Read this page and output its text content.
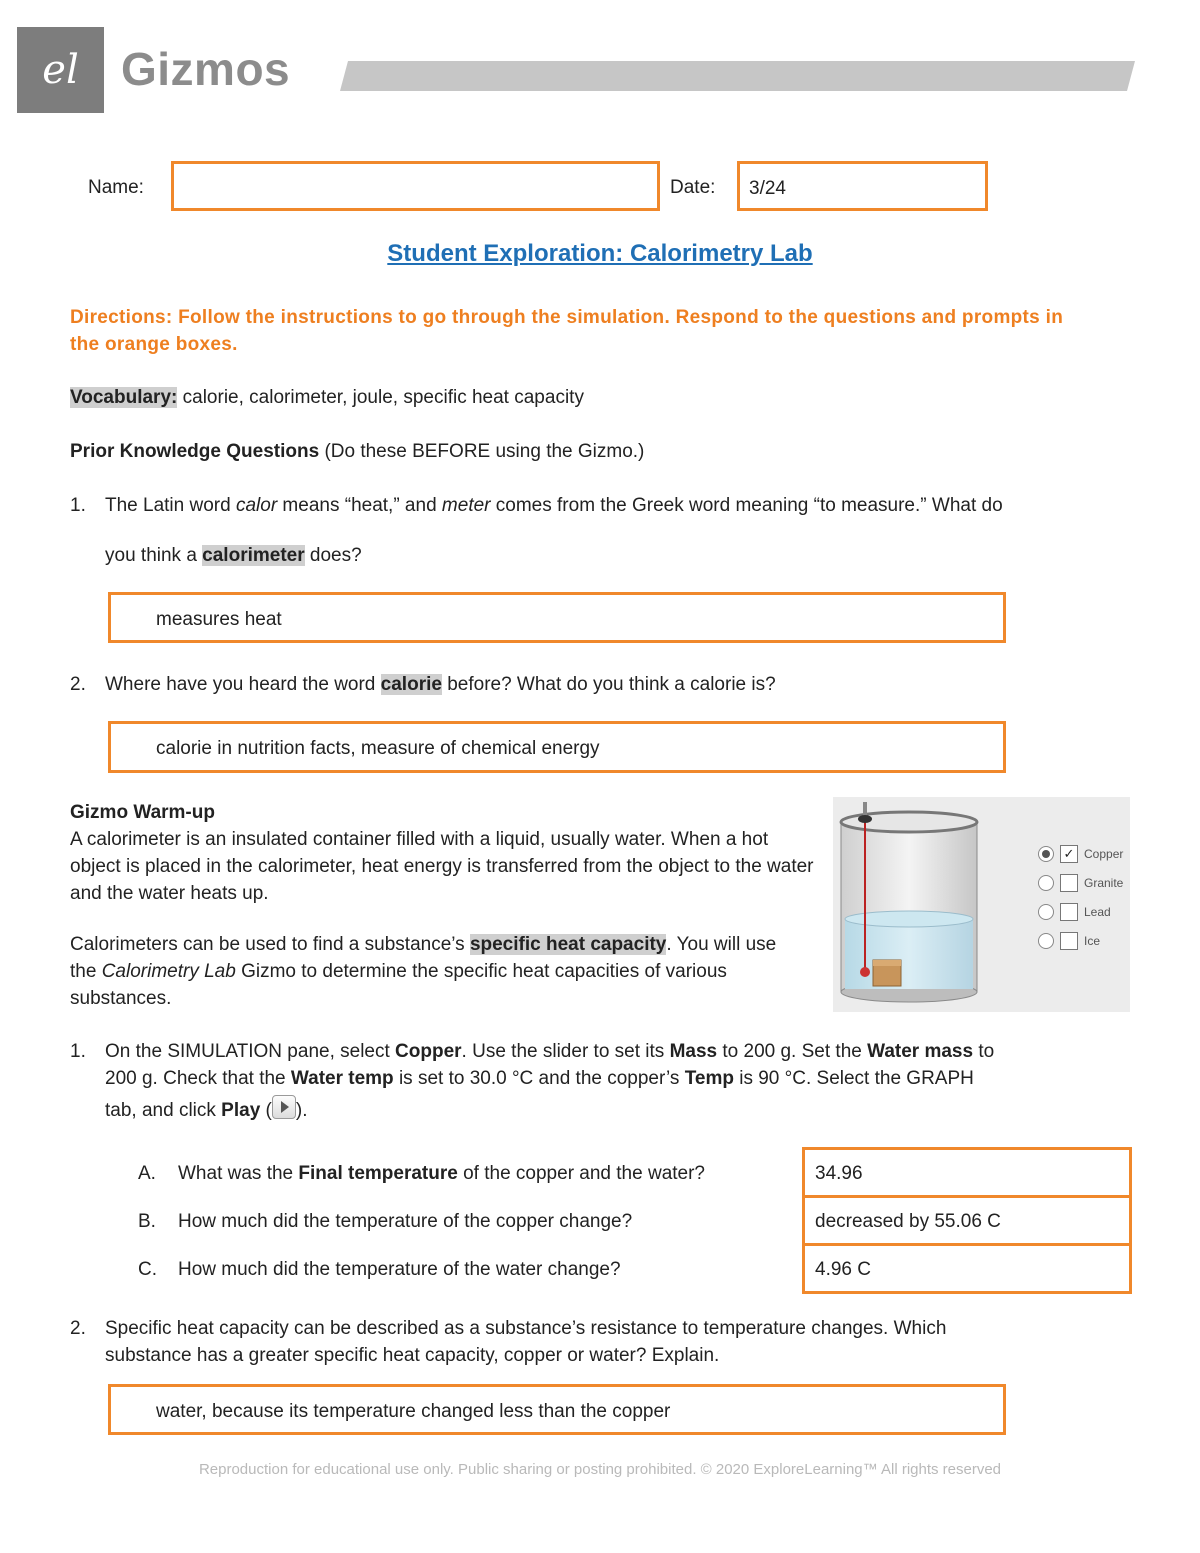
el Gizmos
Name:	Date: 3/24
Student Exploration: Calorimetry Lab
Directions: Follow the instructions to go through the simulation. Respond to the questions and prompts in the orange boxes.
Vocabulary: calorie, calorimeter, joule, specific heat capacity
Prior Knowledge Questions (Do these BEFORE using the Gizmo.)
1. The Latin word calor means “heat,” and meter comes from the Greek word meaning “to measure.” What do
you think a calorimeter does?
measures heat
2. Where have you heard the word calorie before? What do you think a calorie is?
calorie in nutrition facts, measure of chemical energy
Gizmo Warm-up
A calorimeter is an insulated container filled with a liquid, usually water. When a hot object is placed in the calorimeter, heat energy is transferred from the object to the water and the water heats up.
Calorimeters can be used to find a substance’s specific heat capacity. You will use the Calorimetry Lab Gizmo to determine the specific heat capacities of various substances.
✓ Copper
Granite
Lead
Ice
1. On the SIMULATION pane, select Copper. Use the slider to set its Mass to 200 g. Set the Water mass to
200 g. Check that the Water temp is set to 30.0 °C and the copper’s Temp is 90 °C. Select the GRAPH
tab, and click Play ( ).
A. What was the Final temperature of the copper and the water?
B. How much did the temperature of the copper change?
C. How much did the temperature of the water change?
34.96
decreased by 55.06 C
4.96 C
2. Specific heat capacity can be described as a substance’s resistance to temperature changes. Which
substance has a greater specific heat capacity, copper or water? Explain.
water, because its temperature changed less than the copper
Reproduction for educational use only. Public sharing or posting prohibited. © 2020 ExploreLearning™ All rights reserved
